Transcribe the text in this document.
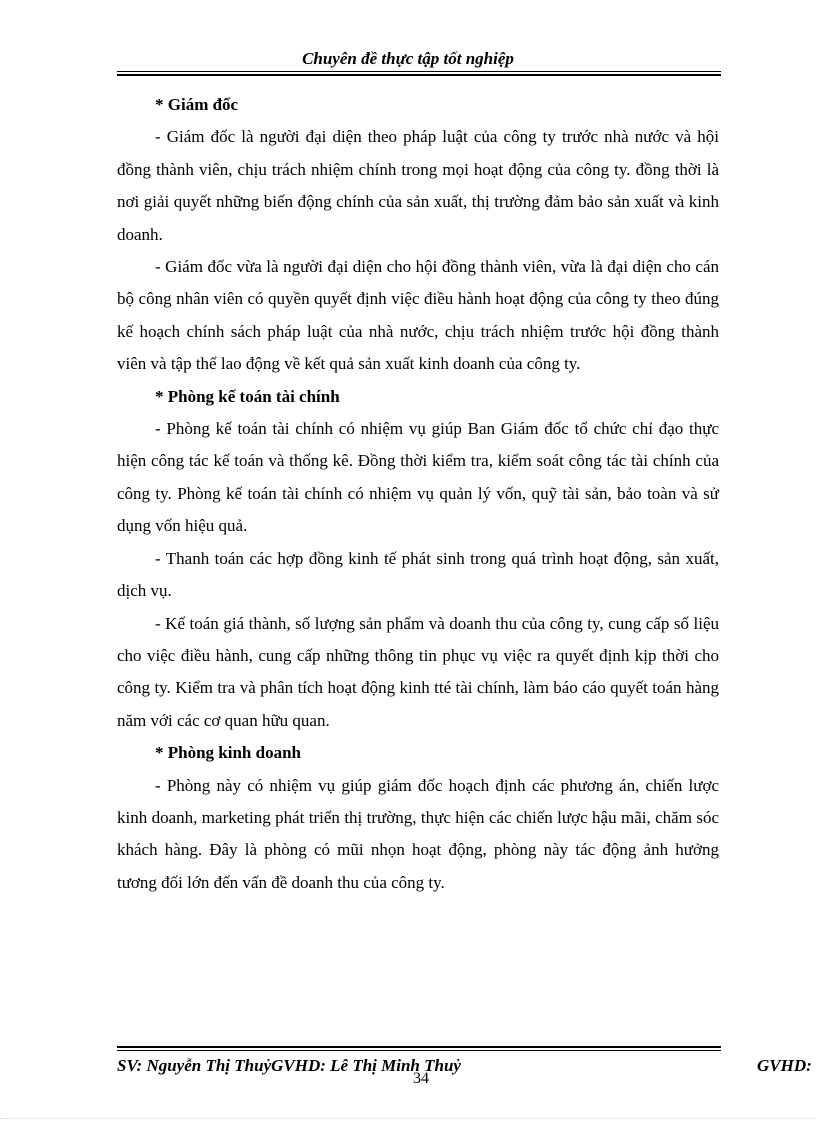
Chuyên đề thực tập tốt nghiệp

* Giám đốc

- Giám đốc là người đại diện theo pháp luật của công ty trước nhà nước và hội đồng thành viên, chịu trách nhiệm chính trong mọi hoạt động của công ty. đồng thời là nơi giải quyết những biến động chính của sản xuất, thị trường đảm bảo sản xuất và kinh doanh.

- Giám đốc vừa là người đại diện cho hội đồng thành viên, vừa là đại diện cho cán bộ công nhân viên có quyền quyết định việc điều hành hoạt động của công ty theo đúng kế hoạch chính sách pháp luật của nhà nước, chịu trách nhiệm trước hội đồng thành viên và tập thể lao động về kết quả sản xuất kinh doanh của công ty.

* Phòng kế toán tài chính

- Phòng kế toán tài chính có nhiệm vụ giúp Ban Giám đốc tổ chức chỉ đạo thực hiện công tác kế toán và thống kê. Đồng thời kiểm tra, kiểm soát công tác tài chính của công ty. Phòng kế toán tài chính có nhiệm vụ quản lý vốn, quỹ tài sản, bảo toàn và sử dụng vốn hiệu quả.

- Thanh toán các hợp đồng kinh tế phát sinh trong quá trình hoạt động, sản xuất, dịch vụ.

- Kế toán giá thành, số lượng sản phẩm và doanh thu của công ty, cung cấp số liệu cho việc điều hành, cung cấp những thông tin phục vụ việc ra quyết định kịp thời cho công ty. Kiểm tra và phân tích hoạt động kinh tté tài chính, làm báo cáo quyết toán hàng năm với các cơ quan hữu quan.

* Phòng kinh doanh

- Phòng này có nhiệm vụ giúp giám đốc hoạch định các phương án, chiến lược kinh doanh, marketing phát triển thị trường, thực hiện các chiến lược hậu mãi, chăm sóc khách hàng. Đây là phòng có mũi nhọn hoạt động, phòng này tác động ảnh hưởng tương đối lớn đến vấn đề doanh thu của công ty.

SV: Nguyễn Thị ThuỷGVHD: Lê Thị Minh Thuỷ	GVHD:
34
